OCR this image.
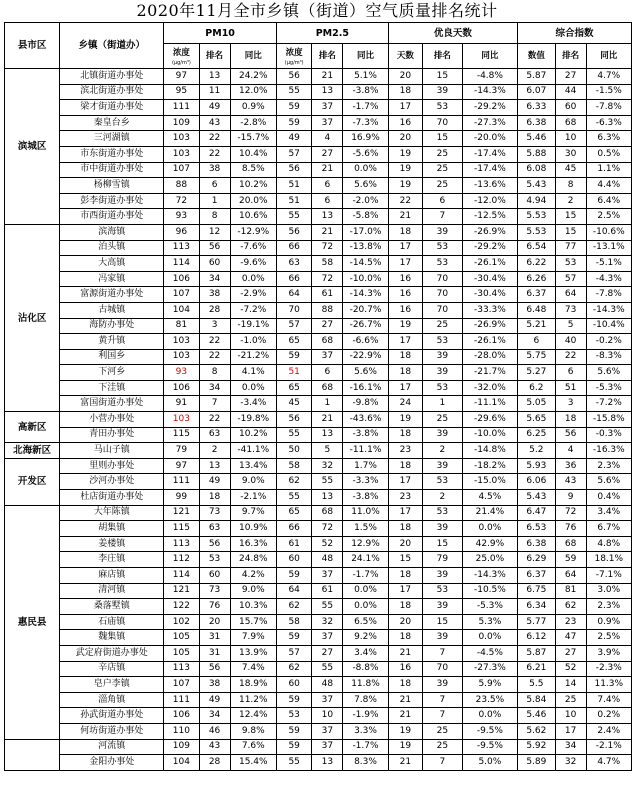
2020年11月全市乡镇（街道）空气质量排名统计
县市区	乡镇（街道办）	PM10			PM2.5			优良天数			综合指数		
		浓度
(μg/m³)	排名	同比	浓度
(μg/m³)	排名	同比	天数	排名	同比	数值	排名	同比
滨城区	北镇街道办事处	97	13	24.2%	56	21	5.1%	20	15	-4.8%	5.87	27	4.7%
	滨北街道办事处	95	11	12.0%	55	13	-3.8%	18	39	-14.3%	6.07	44	-1.5%
	梁才街道办事处	111	49	0.9%	59	37	-1.7%	17	53	-29.2%	6.33	60	-7.8%
	秦皇台乡	109	43	-2.8%	59	37	-7.3%	16	70	-27.3%	6.38	68	-6.3%
	三河湖镇	103	22	-15.7%	49	4	16.9%	20	15	-20.0%	5.46	10	6.3%
	市东街道办事处	103	22	10.4%	57	27	-5.6%	19	25	-17.4%	5.88	30	0.5%
	市中街道办事处	107	38	8.5%	56	21	0.0%	19	25	-17.4%	6.08	45	1.1%
	杨柳雪镇	88	6	10.2%	51	6	5.6%	19	25	-13.6%	5.43	8	4.4%
	彭李街道办事处	72	1	20.0%	51	6	-2.0%	22	6	-12.0%	4.94	2	6.4%
	市西街道办事处	93	8	10.6%	55	13	-5.8%	21	7	-12.5%	5.53	15	2.5%
沾化区	滨海镇	96	12	-12.9%	56	21	-17.0%	18	39	-26.9%	5.53	15	-10.6%
	泊头镇	113	56	-7.6%	66	72	-13.8%	17	53	-29.2%	6.54	77	-13.1%
	大高镇	114	60	-9.6%	63	58	-14.5%	17	53	-26.1%	6.22	53	-5.1%
	冯家镇	106	34	0.0%	66	72	-10.0%	16	70	-30.4%	6.26	57	-4.3%
	富源街道办事处	107	38	-2.9%	64	61	-14.3%	16	70	-30.4%	6.37	64	-7.8%
	古城镇	104	28	-7.2%	70	88	-20.7%	16	70	-33.3%	6.48	73	-14.3%
	海防办事处	81	3	-19.1%	57	27	-26.7%	19	25	-26.9%	5.21	5	-10.4%
	黄升镇	103	22	-1.0%	65	68	-6.6%	17	53	-26.1%	6	40	-0.2%
	利国乡	103	22	-21.2%	59	37	-22.9%	18	39	-28.0%	5.75	22	-8.3%
	下河乡	93	8	4.1%	51	6	5.6%	18	39	-21.7%	5.27	6	5.6%
	下洼镇	106	34	0.0%	65	68	-16.1%	17	53	-32.0%	6.2	51	-5.3%
	富国街道办事处	91	7	-3.4%	45	1	-9.8%	24	1	-11.1%	5.05	3	-7.2%
高新区	小营办事处	103	22	-19.8%	56	21	-43.6%	19	25	-29.6%	5.65	18	-15.8%
	青田办事处	115	63	10.2%	55	13	-3.8%	18	39	-10.0%	6.25	56	-0.3%
北海新区	马山子镇	79	2	-41.1%	50	5	-11.1%	23	2	-14.8%	5.2	4	-16.3%
开发区	里则办事处	97	13	13.4%	58	32	1.7%	18	39	-18.2%	5.93	36	2.3%
	沙河办事处	111	49	9.0%	62	55	-3.3%	17	53	-15.0%	6.06	43	5.6%
	杜店街道办事处	99	18	-2.1%	55	13	-3.8%	23	2	4.5%	5.43	9	0.4%
惠民县	大年陈镇	121	73	9.7%	65	68	11.0%	17	53	21.4%	6.47	72	3.4%
	胡集镇	115	63	10.9%	66	72	1.5%	18	39	0.0%	6.53	76	6.7%
	姜楼镇	113	56	16.3%	61	52	12.9%	20	15	42.9%	6.38	68	4.8%
	李庄镇	112	53	24.8%	60	48	24.1%	15	79	25.0%	6.29	59	18.1%
	麻店镇	114	60	4.2%	59	37	-1.7%	18	39	-14.3%	6.37	64	-7.1%
	清河镇	121	73	9.0%	64	61	0.0%	17	53	-10.5%	6.75	81	3.0%
	桑落墅镇	122	76	10.3%	62	55	0.0%	18	39	-5.3%	6.34	62	2.3%
	石庙镇	102	20	15.7%	58	32	6.5%	20	15	5.3%	5.77	23	0.9%
	魏集镇	105	31	7.9%	59	37	9.2%	18	39	0.0%	6.12	47	2.5%
	武定府街道办事处	105	31	13.9%	57	27	3.4%	21	7	-4.5%	5.87	27	3.9%
	辛店镇	113	56	7.4%	62	55	-8.8%	16	70	-27.3%	6.21	52	-2.3%
	皂户李镇	107	38	18.9%	60	48	11.8%	18	39	5.9%	5.5	14	11.3%
	淄角镇	111	49	11.2%	59	37	7.8%	21	7	23.5%	5.84	25	7.4%
	孙武街道办事处	106	34	12.4%	53	10	-1.9%	21	7	0.0%	5.46	10	0.2%
	何坊街道办事处	110	46	9.8%	59	37	3.3%	19	25	-9.5%	5.62	17	2.4%
	河流镇	109	43	7.6%	59	37	-1.7%	19	25	-9.5%	5.92	34	-2.1%
	金阳办事处	104	28	15.4%	55	13	8.3%	21	7	5.0%	5.89	32	4.7%
